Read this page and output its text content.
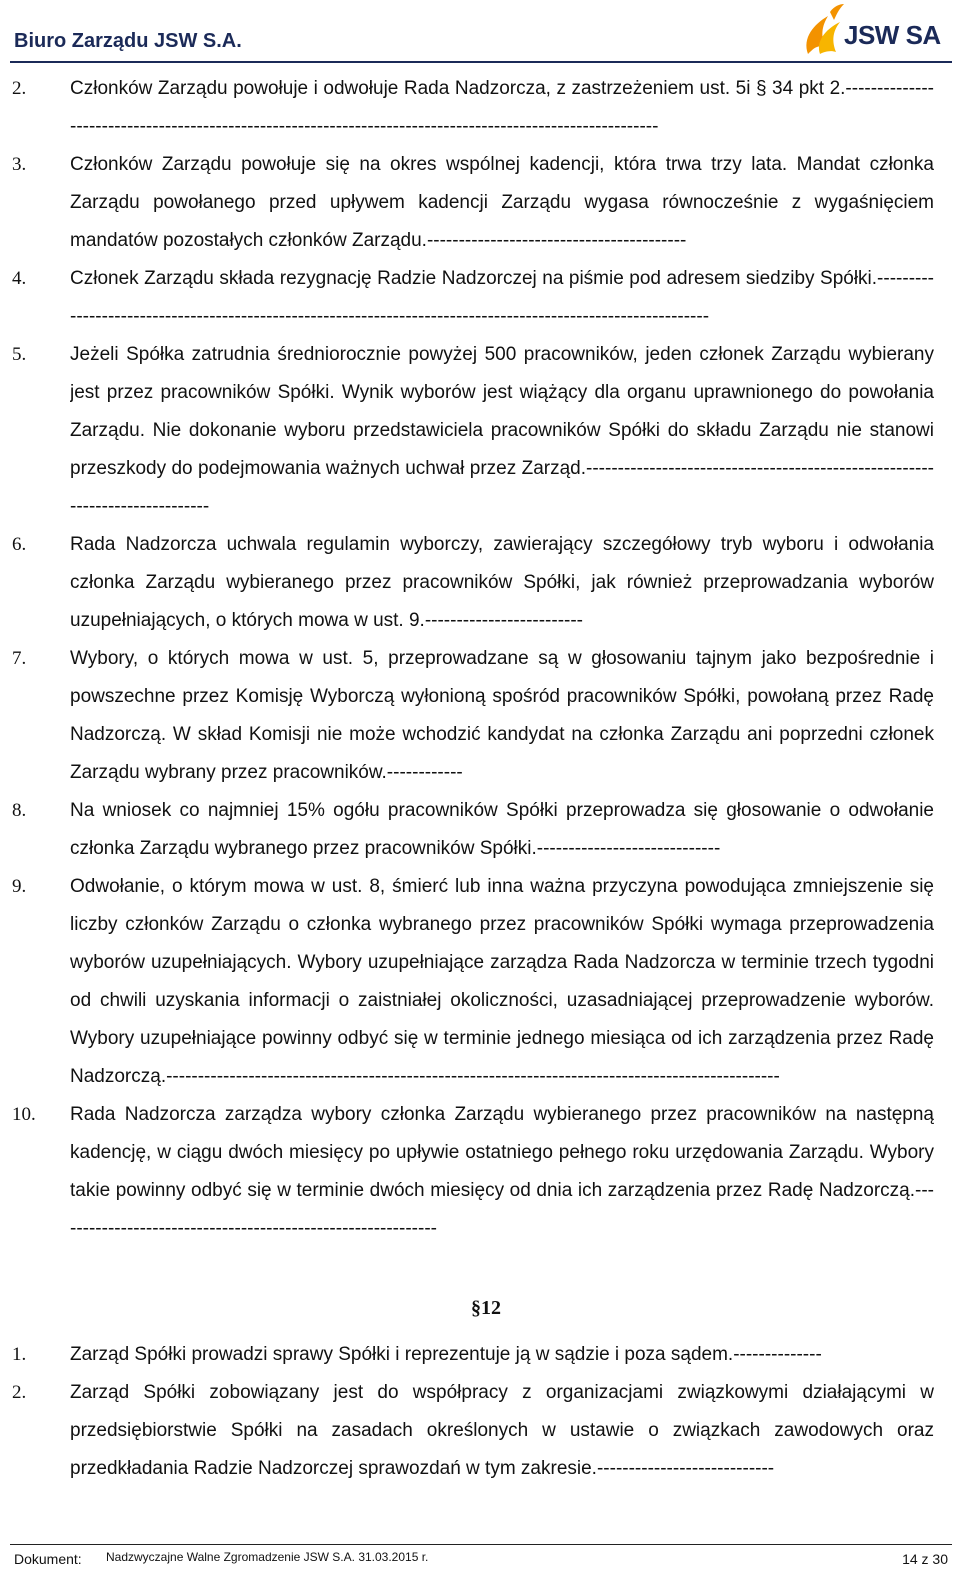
Biuro Zarządu JSW S.A.	JSW SA
2.	Członków Zarządu powołuje i odwołuje Rada Nadzorcza, z zastrzeżeniem ust. 5i § 34 pkt 2.-----------------------------------------------------------------------------------------------------------
3.	Członków Zarządu powołuje się na okres wspólnej kadencji, która trwa trzy lata. Mandat członka Zarządu powołanego przed upływem kadencji Zarządu wygasa równocześnie z wygaśnięciem mandatów pozostałych członków Zarządu.-----------------------------------------
4.	Członek Zarządu składa rezygnację Radzie Nadzorczej na piśmie pod adresem siedziby Spółki.--------------------------------------------------------------------------------------------------------------
5.	Jeżeli Spółka zatrudnia średniorocznie powyżej 500 pracowników, jeden członek Zarządu wybierany jest przez pracowników Spółki. Wynik wyborów jest wiążący dla organu uprawnionego do powołania Zarządu. Nie dokonanie wyboru przedstawiciela pracowników Spółki do składu Zarządu nie stanowi przeszkody do podejmowania ważnych uchwał przez Zarząd.-----------------------------------------------------------------------------
6.	Rada Nadzorcza uchwala regulamin wyborczy, zawierający szczegółowy tryb wyboru i odwołania członka Zarządu wybieranego przez pracowników Spółki, jak również przeprowadzania wyborów uzupełniających, o których mowa w ust. 9.-------------------------
7.	Wybory, o których mowa w ust. 5, przeprowadzane są w głosowaniu tajnym jako bezpośrednie i powszechne przez Komisję Wyborczą wyłonioną spośród pracowników Spółki, powołaną przez Radę Nadzorczą. W skład Komisji nie może wchodzić kandydat na członka Zarządu ani poprzedni członek Zarządu wybrany przez pracowników.------------
8.	Na wniosek co najmniej 15% ogółu pracowników Spółki przeprowadza się głosowanie o odwołanie członka Zarządu wybranego przez pracowników Spółki.-----------------------------
9.	Odwołanie, o którym mowa w ust. 8, śmierć lub inna ważna przyczyna powodująca zmniejszenie się liczby członków Zarządu o członka wybranego przez pracowników Spółki wymaga przeprowadzenia wyborów uzupełniających. Wybory uzupełniające zarządza Rada Nadzorcza w terminie trzech tygodni od chwili uzyskania informacji o zaistniałej okoliczności, uzasadniającej przeprowadzenie wyborów. Wybory uzupełniające powinny odbyć się w terminie jednego miesiąca od ich zarządzenia przez Radę Nadzorczą.-------------------------------------------------------------------------------------------------
10.	Rada Nadzorcza zarządza wybory członka Zarządu wybieranego przez pracowników na następną kadencję, w ciągu dwóch miesięcy po upływie ostatniego pełnego roku urzędowania Zarządu. Wybory takie powinny odbyć się w terminie dwóch miesięcy od dnia ich zarządzenia przez Radę Nadzorczą.-------------------------------------------------------------
§12
1.	Zarząd Spółki prowadzi sprawy Spółki i reprezentuje ją w sądzie i poza sądem.--------------
2.	Zarząd Spółki zobowiązany jest do współpracy z organizacjami związkowymi działającymi w przedsiębiorstwie Spółki na zasadach określonych w ustawie o związkach zawodowych oraz przedkładania Radzie Nadzorczej sprawozdań w tym zakresie.----------------------------
Dokument: Nadzwyczajne Walne Zgromadzenie JSW S.A. 31.03.2015 r.	14 z 30
